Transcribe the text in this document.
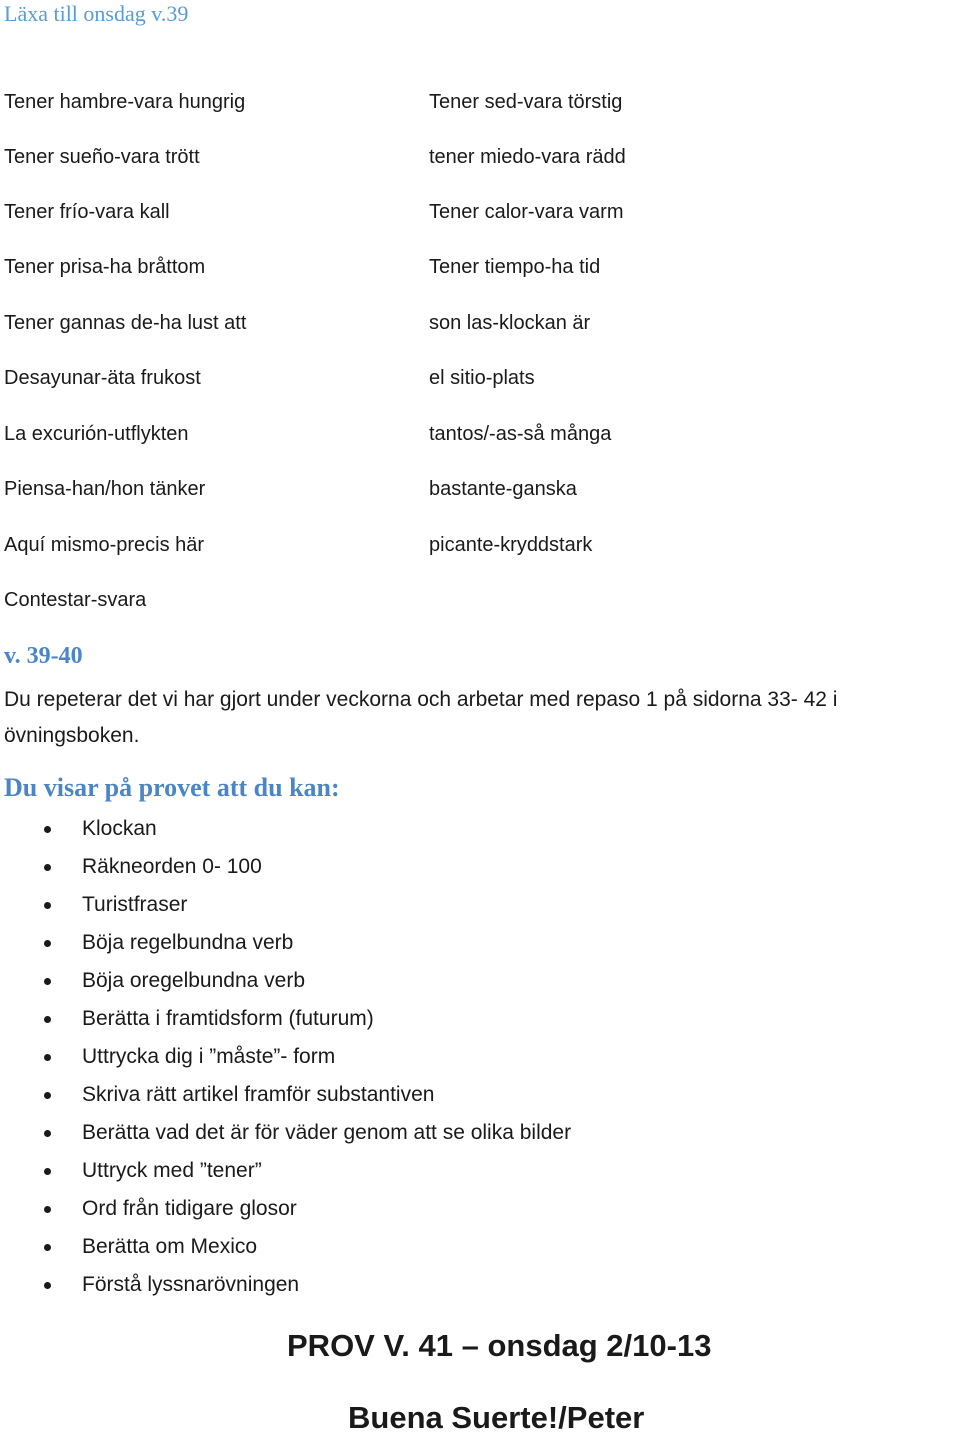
Läxa till onsdag v.39
Tener hambre-vara hungrig
Tener sueño-vara trött
Tener frío-vara kall
Tener prisa-ha bråttom
Tener gannas de-ha lust att
Desayunar-äta frukost
La excurión-utflykten
Piensa-han/hon tänker
Aquí mismo-precis här
Contestar-svara
Tener sed-vara törstig
tener miedo-vara rädd
Tener calor-vara varm
Tener tiempo-ha tid
son las-klockan är
el sitio-plats
tantos/-as-så många
bastante-ganska
picante-kryddstark
v. 39-40
Du repeterar det vi har gjort under veckorna och arbetar med repaso 1 på sidorna 33- 42 i övningsboken.
Du visar på provet att du kan:
Klockan
Räkneorden 0- 100
Turistfraser
Böja regelbundna verb
Böja oregelbundna verb
Berätta i framtidsform (futurum)
Uttrycka dig i ”måste”- form
Skriva rätt artikel framför substantiven
Berätta vad det är för väder genom att se olika bilder
Uttryck med ”tener”
Ord från tidigare glosor
Berätta om Mexico
Förstå lyssnarövningen
PROV V. 41 – onsdag 2/10-13
Buena Suerte!/Peter
